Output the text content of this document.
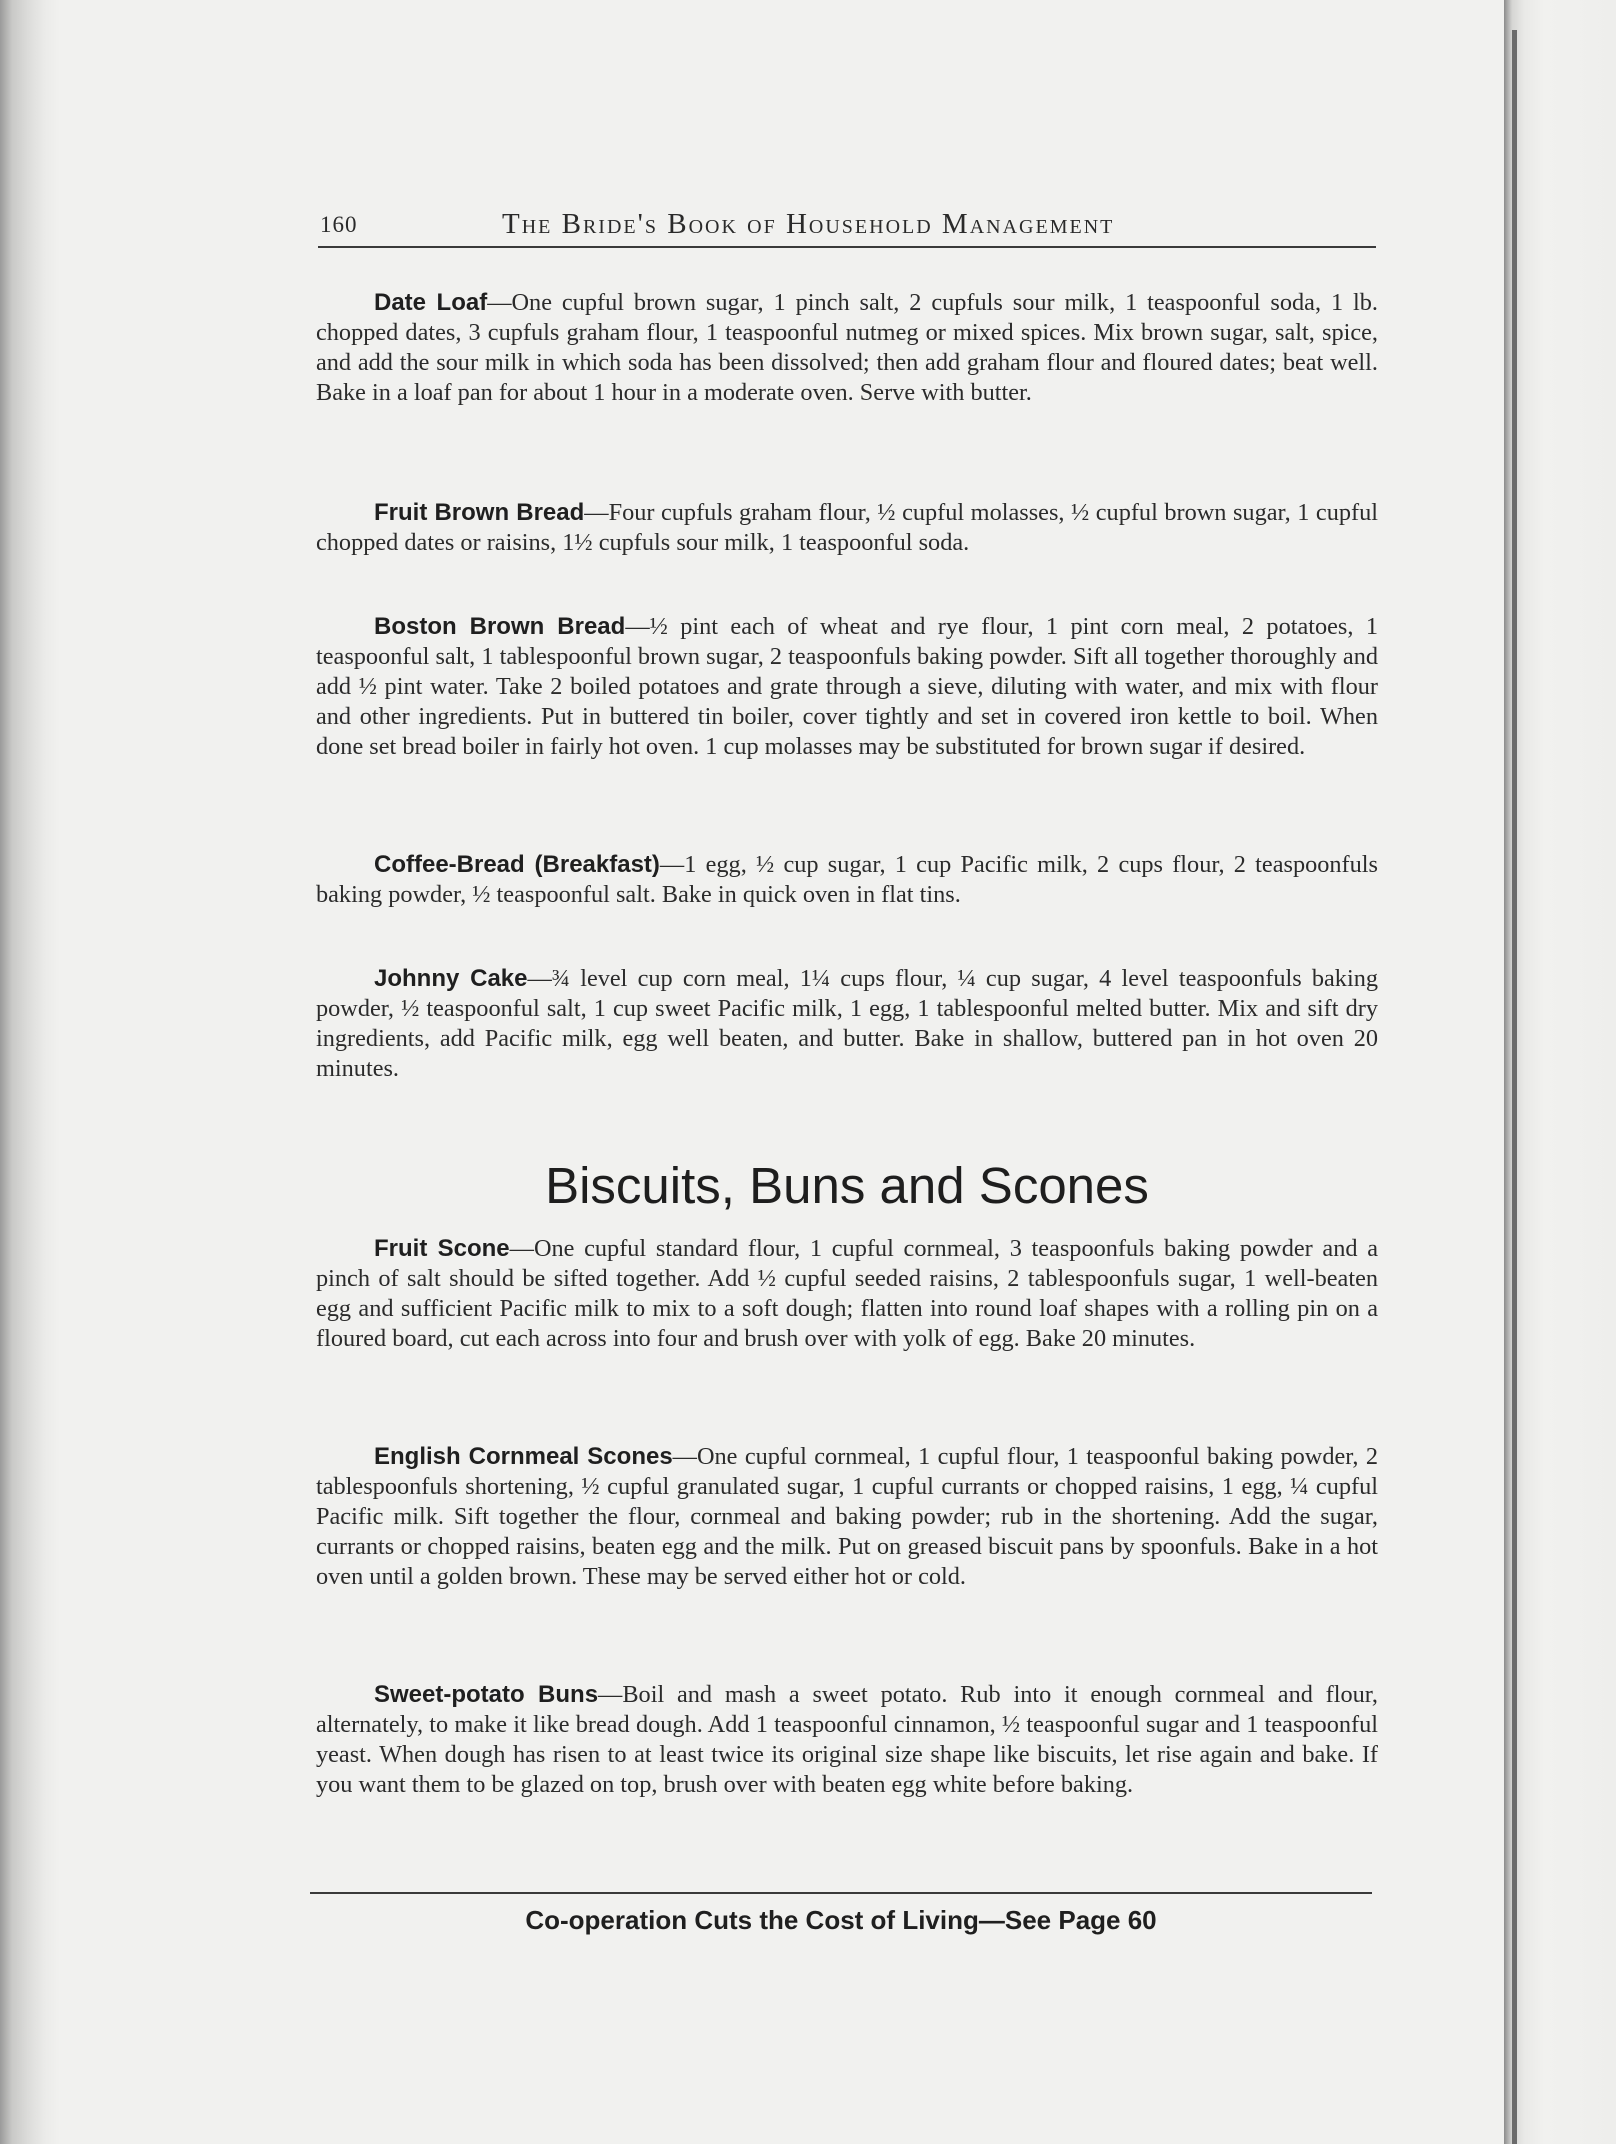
160	The Bride's Book of Household Management

Date Loaf—One cupful brown sugar, 1 pinch salt, 2 cupfuls sour milk, 1 teaspoonful soda, 1 lb. chopped dates, 3 cupfuls graham flour, 1 teaspoonful nutmeg or mixed spices. Mix brown sugar, salt, spice, and add the sour milk in which soda has been dissolved; then add graham flour and floured dates; beat well. Bake in a loaf pan for about 1 hour in a moderate oven. Serve with butter.

Fruit Brown Bread—Four cupfuls graham flour, ½ cupful molasses, ½ cupful brown sugar, 1 cupful chopped dates or raisins, 1½ cupfuls sour milk, 1 teaspoonful soda.

Boston Brown Bread—½ pint each of wheat and rye flour, 1 pint corn meal, 2 potatoes, 1 teaspoonful salt, 1 tablespoonful brown sugar, 2 teaspoonfuls baking powder. Sift all together thoroughly and add ½ pint water. Take 2 boiled potatoes and grate through a sieve, diluting with water, and mix with flour and other ingredients. Put in buttered tin boiler, cover tightly and set in covered iron kettle to boil. When done set bread boiler in fairly hot oven. 1 cup molasses may be substituted for brown sugar if desired.

Coffee-Bread (Breakfast)—1 egg, ½ cup sugar, 1 cup Pacific milk, 2 cups flour, 2 teaspoonfuls baking powder, ½ teaspoonful salt. Bake in quick oven in flat tins.

Johnny Cake—¾ level cup corn meal, 1¼ cups flour, ¼ cup sugar, 4 level teaspoonfuls baking powder, ½ teaspoonful salt, 1 cup sweet Pacific milk, 1 egg, 1 tablespoonful melted butter. Mix and sift dry ingredients, add Pacific milk, egg well beaten, and butter. Bake in shallow, buttered pan in hot oven 20 minutes.

Biscuits, Buns and Scones

Fruit Scone—One cupful standard flour, 1 cupful cornmeal, 3 teaspoonfuls baking powder and a pinch of salt should be sifted together. Add ½ cupful seeded raisins, 2 tablespoonfuls sugar, 1 well-beaten egg and sufficient Pacific milk to mix to a soft dough; flatten into round loaf shapes with a rolling pin on a floured board, cut each across into four and brush over with yolk of egg. Bake 20 minutes.

English Cornmeal Scones—One cupful cornmeal, 1 cupful flour, 1 teaspoonful baking powder, 2 tablespoonfuls shortening, ½ cupful granulated sugar, 1 cupful currants or chopped raisins, 1 egg, ¼ cupful Pacific milk. Sift together the flour, cornmeal and baking powder; rub in the shortening. Add the sugar, currants or chopped raisins, beaten egg and the milk. Put on greased biscuit pans by spoonfuls. Bake in a hot oven until a golden brown. These may be served either hot or cold.

Sweet-potato Buns—Boil and mash a sweet potato. Rub into it enough cornmeal and flour, alternately, to make it like bread dough. Add 1 teaspoonful cinnamon, ½ teaspoonful sugar and 1 teaspoonful yeast. When dough has risen to at least twice its original size shape like biscuits, let rise again and bake. If you want them to be glazed on top, brush over with beaten egg white before baking.

Co-operation Cuts the Cost of Living—See Page 60
